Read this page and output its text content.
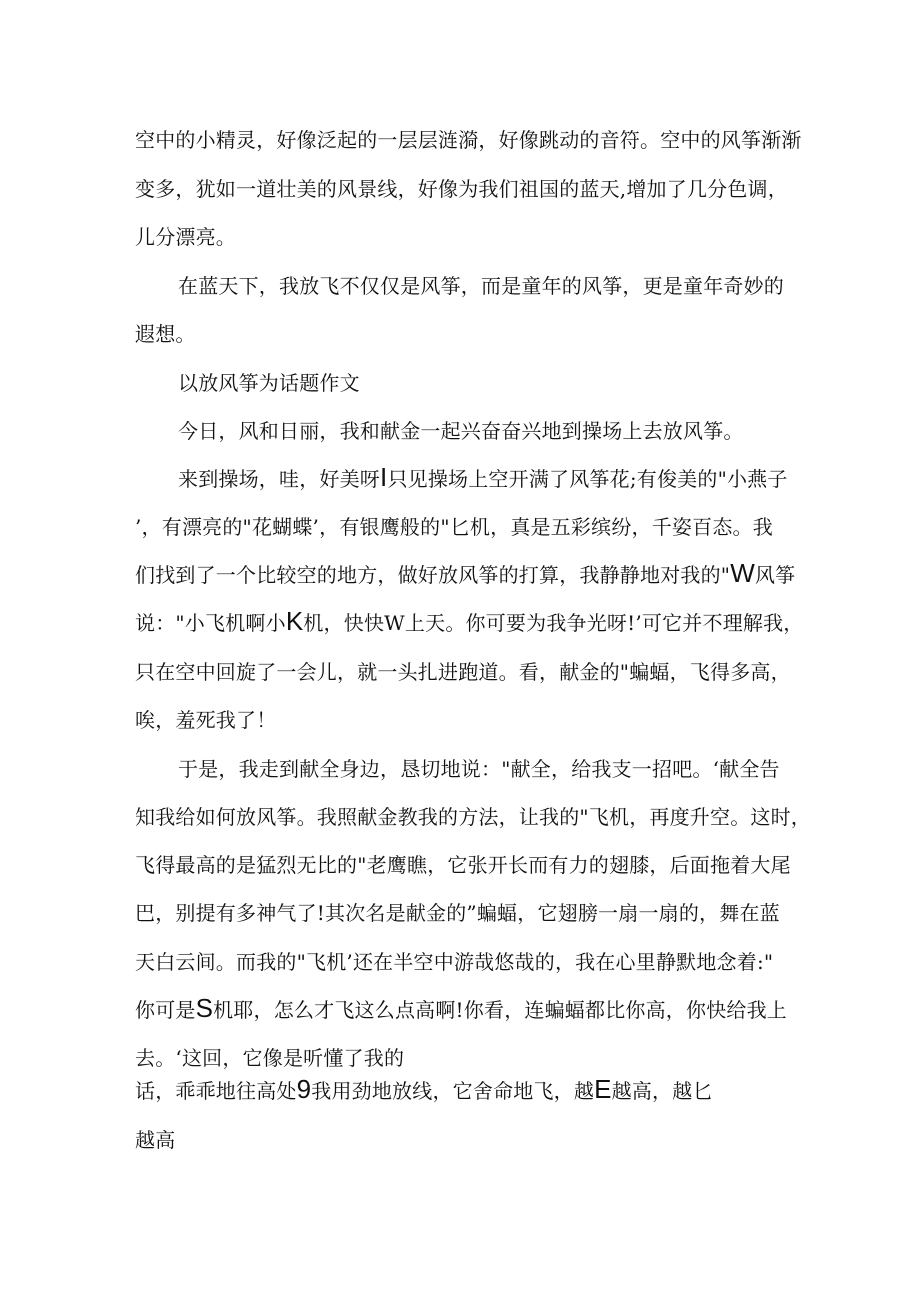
空中的小精灵，好像泛起的一层层涟漪，好像跳动的音符。空中的风筝渐渐
变多，犹如一道壮美的风景线，好像为我们祖国的蓝天,增加了几分色调，
儿分漂亮。
在蓝天下，我放飞不仅仅是风筝，而是童年的风筝，更是童年奇妙的
遐想。
以放风筝为话题作文
今日，风和日丽，我和献金一起兴奋奋兴地到操场上去放风筝。
来到操场，哇，好美呀I只见操场上空开满了风筝花;有俊美的"小燕子
’，有漂亮的"花蝴蝶’，有银鹰般的"匕机，真是五彩缤纷，千姿百态。我
们找到了一个比较空的地方，做好放风筝的打算，我静静地对我的"W风筝
说："小飞机啊小K机，快快W上天。你可要为我争光呀!’可它并不理解我，
只在空中回旋了一会儿，就一头扎进跑道。看，献金的"蝙蝠，飞得多高，
唉，羞死我了！
于是，我走到献全身边，恳切地说："献全，给我支一招吧。‘献全告
知我给如何放风筝。我照献金教我的方法，让我的"飞机，再度升空。这时，
飞得最高的是猛烈无比的"老鹰瞧，它张开长而有力的翅膝，后面拖着大尾
巴，别提有多神气了!其次名是献金的”蝙蝠，它翅膀一扇一扇的，舞在蓝
天白云间。而我的"飞机’还在半空中游哉悠哉的，我在心里静默地念着:"
你可是S机耶，怎么才飞这么点高啊!你看，连蝙蝠都比你高，你快给我上
去。‘这回，它像是听懂了我的
话，乖乖地往高处9我用劲地放线，它舍命地飞，越E越高，越匕
越高
